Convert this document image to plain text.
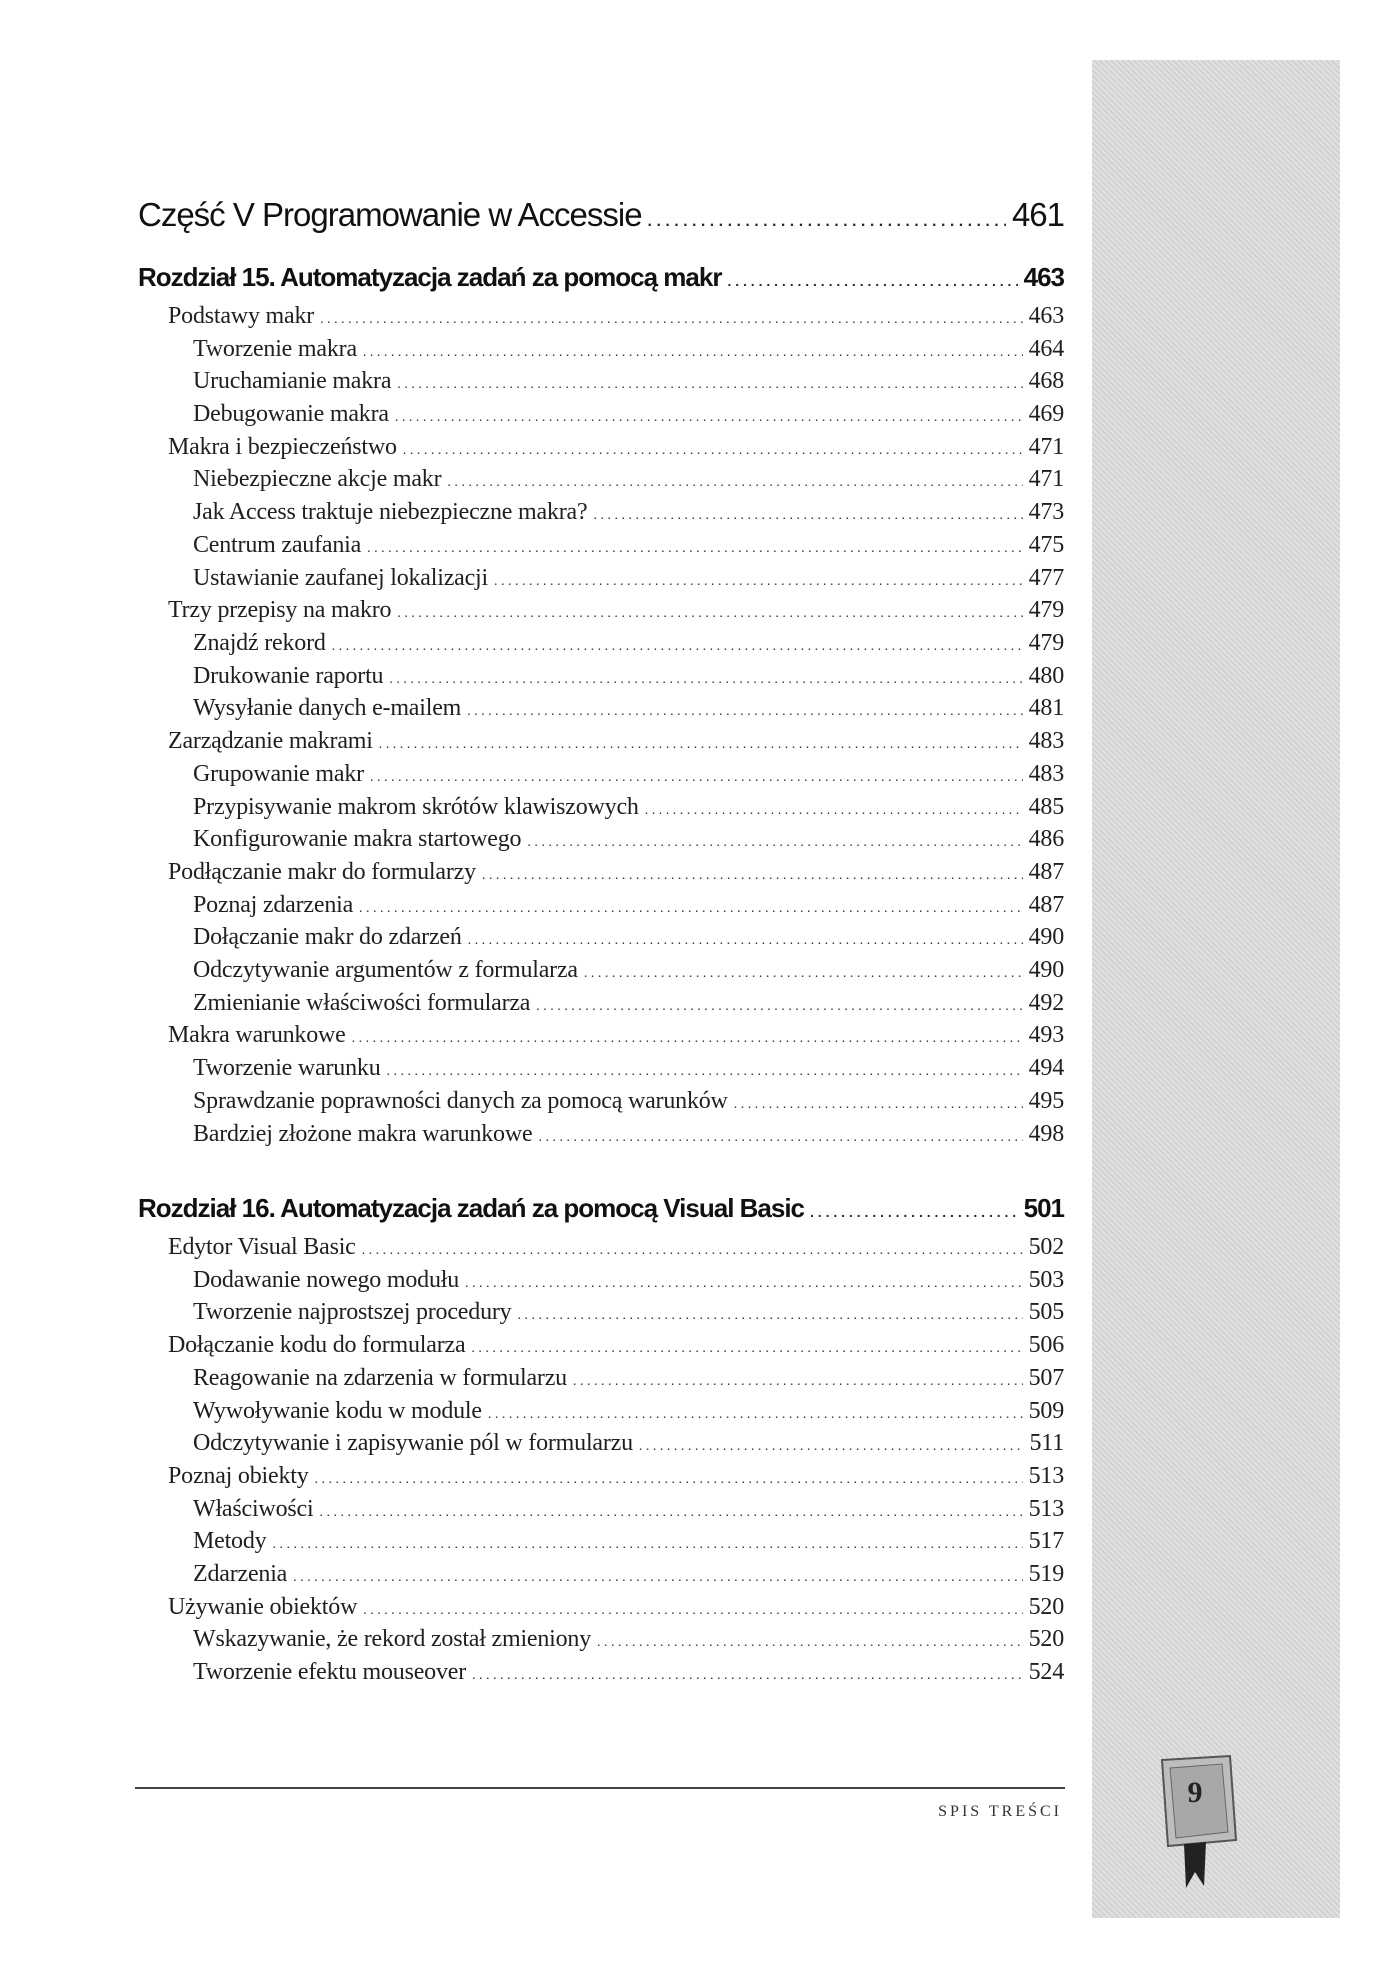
Część V Programowanie w Accessie . . .	461
Rozdział 15. Automatyzacja zadań za pomocą makr . . .	463
Podstawy makr . . .	463
Tworzenie makra . . .	464
Uruchamianie makra . . .	468
Debugowanie makra . . .	469
Makra i bezpieczeństwo . . .	471
Niebezpieczne akcje makr . . .	471
Jak Access traktuje niebezpieczne makra? . . .	473
Centrum zaufania . . .	475
Ustawianie zaufanej lokalizacji . . .	477
Trzy przepisy na makro . . .	479
Znajdź rekord . . .	479
Drukowanie raportu . . .	480
Wysyłanie danych e-mailem . . .	481
Zarządzanie makrami . . .	483
Grupowanie makr . . .	483
Przypisywanie makrom skrótów klawiszowych . . .	485
Konfigurowanie makra startowego . . .	486
Podłączanie makr do formularzy . . .	487
Poznaj zdarzenia . . .	487
Dołączanie makr do zdarzeń . . .	490
Odczytywanie argumentów z formularza . . .	490
Zmienianie właściwości formularza . . .	492
Makra warunkowe . . .	493
Tworzenie warunku . . .	494
Sprawdzanie poprawności danych za pomocą warunków . . .	495
Bardziej złożone makra warunkowe . . .	498
Rozdział 16. Automatyzacja zadań za pomocą Visual Basic . . .	501
Edytor Visual Basic . . .	502
Dodawanie nowego modułu . . .	503
Tworzenie najprostszej procedury . . .	505
Dołączanie kodu do formularza . . .	506
Reagowanie na zdarzenia w formularzu . . .	507
Wywoływanie kodu w module . . .	509
Odczytywanie i zapisywanie pól w formularzu . . .	511
Poznaj obiekty . . .	513
Właściwości . . .	513
Metody . . .	517
Zdarzenia . . .	519
Używanie obiektów . . .	520
Wskazywanie, że rekord został zmieniony . . .	520
Tworzenie efektu mouseover . . .	524
SPIS TREŚCI
9
